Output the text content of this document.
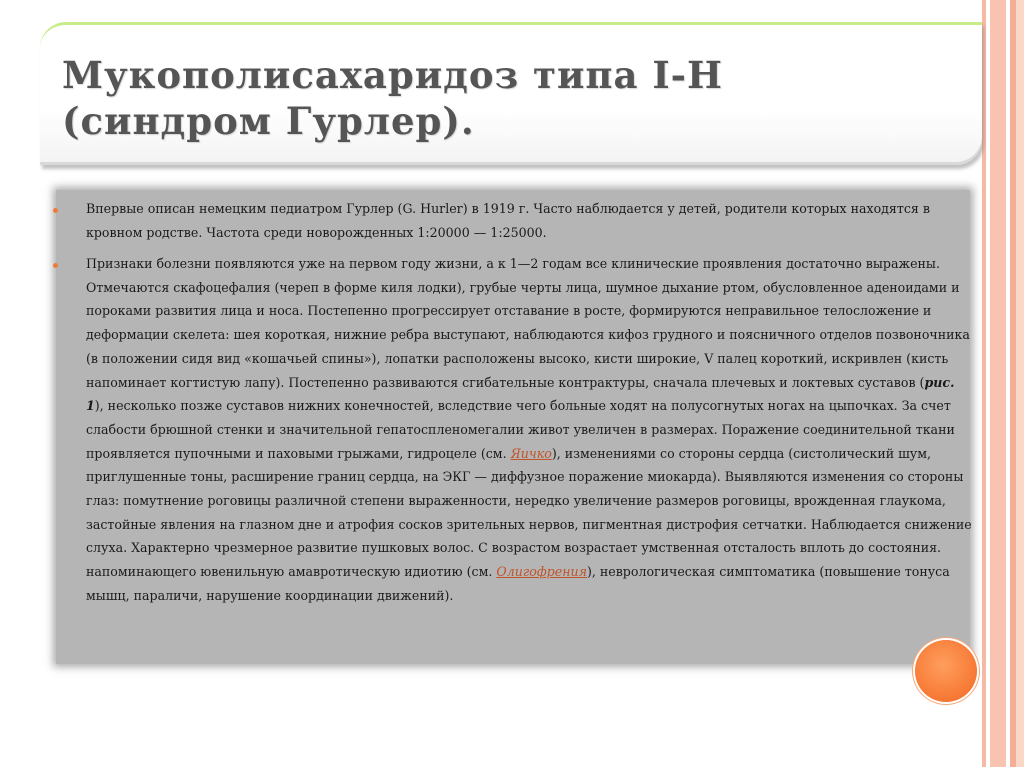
Мукополисахаридоз типа I-H
(синдром Гурлер).

Впервые описан немецким педиатром Гурлер (G. Hurler) в 1919 г. Часто наблюдается у детей, родители которых находятся в кровном родстве. Частота среди новорожденных 1:20000 — 1:25000.

Признаки болезни появляются уже на первом году жизни, а к 1—2 годам все клинические проявления достаточно выражены. Отмечаются скафоцефалия (череп в форме киля лодки), грубые черты лица, шумное дыхание ртом, обусловленное аденоидами и пороками развития лица и носа. Постепенно прогрессирует отставание в росте, формируются неправильное телосложение и деформации скелета: шея короткая, нижние ребра выступают, наблюдаются кифоз грудного и поясничного отделов позвоночника (в положении сидя вид «кошачьей спины»), лопатки расположены высоко, кисти широкие, V палец короткий, искривлен (кисть напоминает когтистую лапу). Постепенно развиваются сгибательные контрактуры, сначала плечевых и локтевых суставов (рис. 1), несколько позже суставов нижних конечностей, вследствие чего больные ходят на полусогнутых ногах на цыпочках. За счет слабости брюшной стенки и значительной гепатоспленомегалии живот увеличен в размерах. Поражение соединительной ткани проявляется пупочными и паховыми грыжами, гидроцеле (см. Яичко), изменениями со стороны сердца (систолический шум, приглушенные тоны, расширение границ сердца, на ЭКГ — диффузное поражение миокарда). Выявляются изменения со стороны глаз: помутнение роговицы различной степени выраженности, нередко увеличение размеров роговицы, врожденная глаукома, застойные явления на глазном дне и атрофия сосков зрительных нервов, пигментная дистрофия сетчатки. Наблюдается снижение слуха. Характерно чрезмерное развитие пушковых волос. С возрастом возрастает умственная отсталость вплоть до состояния. напоминающего ювенильную амавротическую идиотию (см. Олигофрения), неврологическая симптоматика (повышение тонуса мышц, параличи, нарушение координации движений).
